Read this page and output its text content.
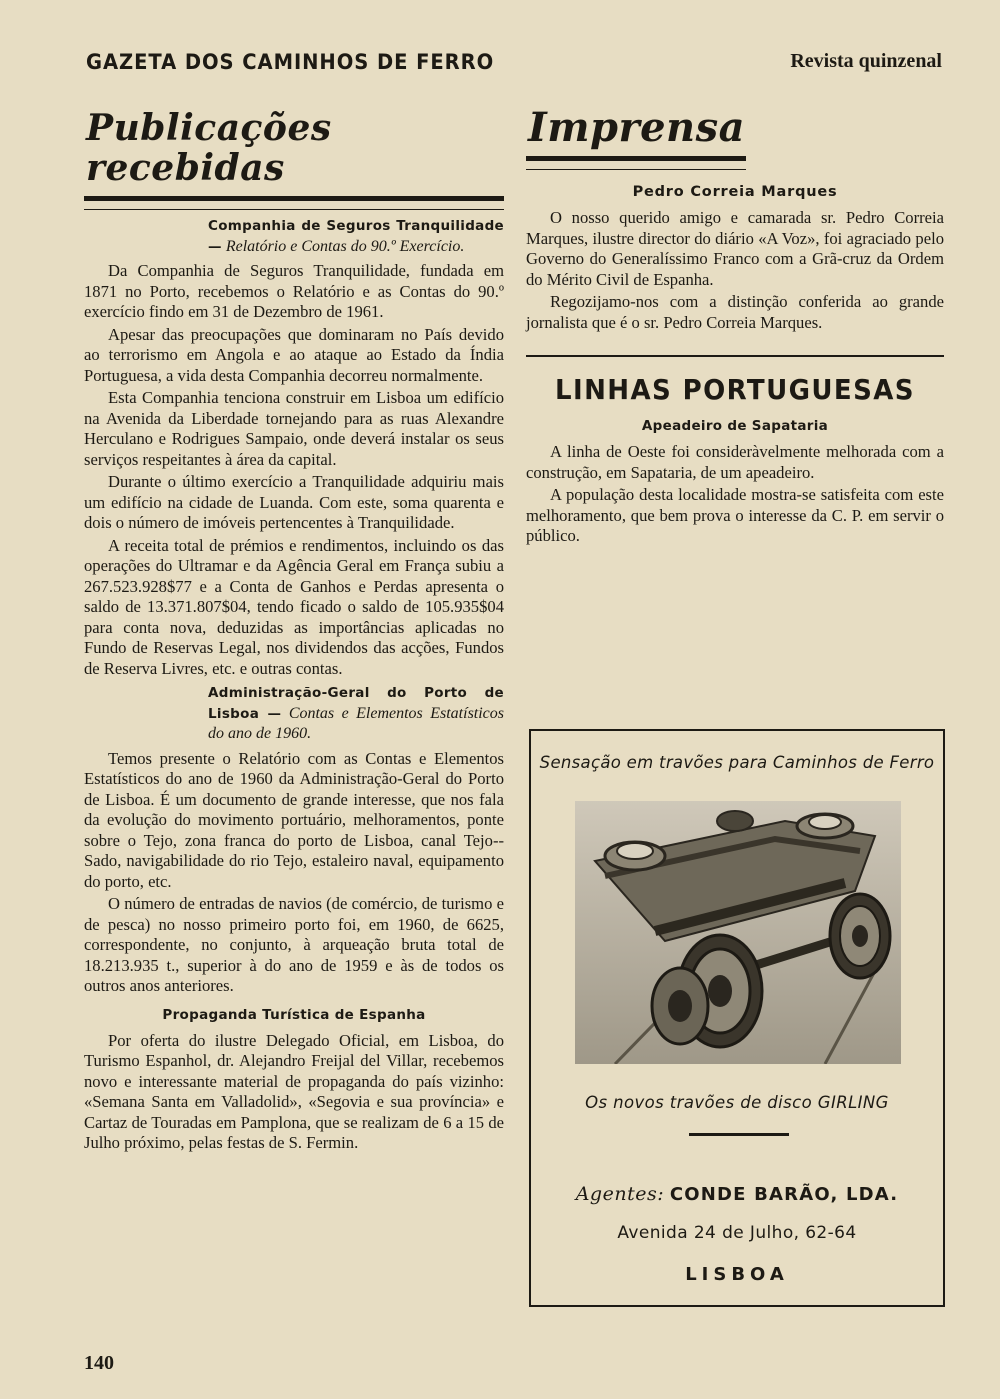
GAZETA DOS CAMINHOS DE FERRO	Revista quinzenal
Publicações recebidas
Companhia de Seguros Tranquilidade — Relatório e Contas do 90.º Exercício.

Da Companhia de Seguros Tranquilidade, fundada em 1871 no Porto, recebemos o Relatório e as Contas do 90.º exercício findo em 31 de Dezembro de 1961.

Apesar das preocupações que dominaram no País devido ao terrorismo em Angola e ao ataque ao Estado da Índia Portuguesa, a vida desta Companhia decorreu normalmente.

Esta Companhia tenciona construir em Lisboa um edifício na Avenida da Liberdade tornejando para as ruas Alexandre Herculano e Rodrigues Sampaio, onde deverá instalar os seus serviços respeitantes à área da capital.

Durante o último exercício a Tranquilidade adquiriu mais um edifício na cidade de Luanda. Com este, soma quarenta e dois o número de imóveis pertencentes à Tranquilidade.

A receita total de prémios e rendimentos, incluindo os das operações do Ultramar e da Agência Geral em França subiu a 267.523.928$77 e a Conta de Ganhos e Perdas apresenta o saldo de 13.371.807$04, tendo ficado o saldo de 105.935$04 para conta nova, deduzidas as importâncias aplicadas no Fundo de Reservas Legal, nos dividendos das acções, Fundos de Reserva Livres, etc. e outras contas.

Administração-Geral do Porto de Lisboa — Contas e Elementos Estatísticos do ano de 1960.

Temos presente o Relatório com as Contas e Elementos Estatísticos do ano de 1960 da Administração-Geral do Porto de Lisboa. É um documento de grande interesse, que nos fala da evolução do movimento portuário, melhoramentos, ponte sobre o Tejo, zona franca do porto de Lisboa, canal Tejo--Sado, navigabilidade do rio Tejo, estaleiro naval, equipamento do porto, etc.

O número de entradas de navios (de comércio, de turismo e de pesca) no nosso primeiro porto foi, em 1960, de 6625, correspondente, no conjunto, à arqueação bruta total de 18.213.935 t., superior à do ano de 1959 e às de todos os outros anos anteriores.

Propaganda Turística de Espanha

Por oferta do ilustre Delegado Oficial, em Lisboa, do Turismo Espanhol, dr. Alejandro Freijal del Villar, recebemos novo e interessante material de propaganda do país vizinho: «Semana Santa em Valladolid», «Segovia e sua província» e Cartaz de Touradas em Pamplona, que se realizam de 6 a 15 de Julho próximo, pelas festas de S. Fermin.

Imprensa
Pedro Correia Marques

O nosso querido amigo e camarada sr. Pedro Correia Marques, ilustre director do diário «A Voz», foi agraciado pelo Governo do Generalíssimo Franco com a Grã-cruz da Ordem do Mérito Civil de Espanha.

Regozijamo-nos com a distinção conferida ao grande jornalista que é o sr. Pedro Correia Marques.

LINHAS PORTUGUESAS
Apeadeiro de Sapataria

A linha de Oeste foi consideràvelmente melhorada com a construção, em Sapataria, de um apeadeiro.

A população desta localidade mostra-se satisfeita com este melhoramento, que bem prova o interesse da C. P. em servir o público.

Sensação em travões para Caminhos de Ferro
Os novos travões de disco GIRLING
Agentes: CONDE BARÃO, LDA.
Avenida 24 de Julho, 62-64
LISBOA
140
